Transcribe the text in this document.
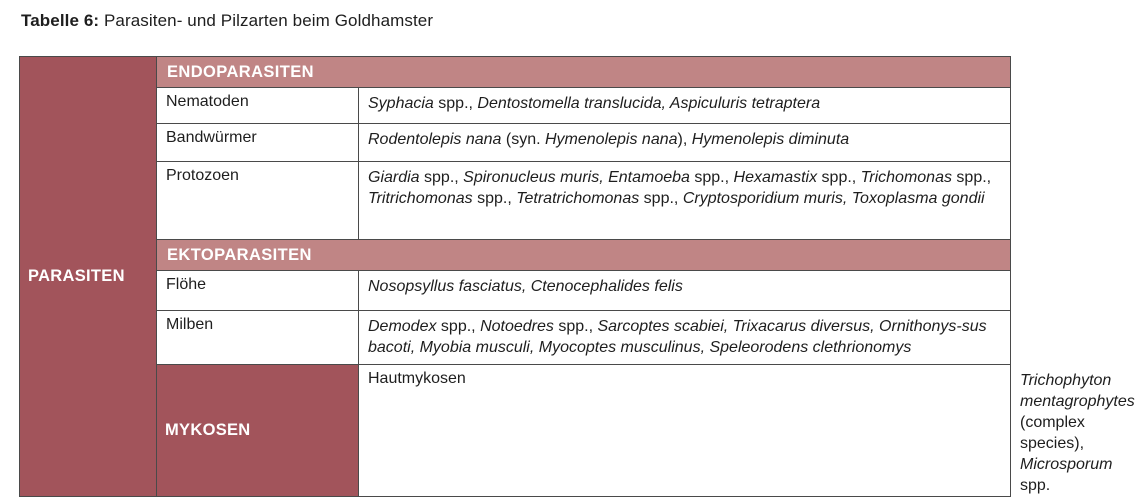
Tabelle 6: Parasiten- und Pilzarten beim Goldhamster
PARASITEN	ENDOPARASITEN		
	Nematoden	Syphacia spp., Dentostomella translucida, Aspiculuris tetraptera	
	Bandwürmer	Rodentolepis nana (syn. Hymenolepis nana), Hymenolepis diminuta	
	Protozoen	Giardia spp., Spironucleus muris, Entamoeba spp., Hexamastix spp., Trichomonas spp., Tritrichomonas spp., Tetratrichomonas spp., Cryptosporidium muris, Toxoplasma gondii	
	EKTOPARASITEN		
	Flöhe	Nosopsyllus fasciatus, Ctenocephalides felis	
	Milben	Demodex spp., Notoedres spp., Sarcoptes scabiei, Trixacarus diversus, Ornithonys-sus bacoti, Myobia musculi, Myocoptes musculinus, Speleorodens clethrionomys	
	MYKOSEN	Hautmykosen	Trichophyton mentagrophytes (complex species), Microsporum spp.
